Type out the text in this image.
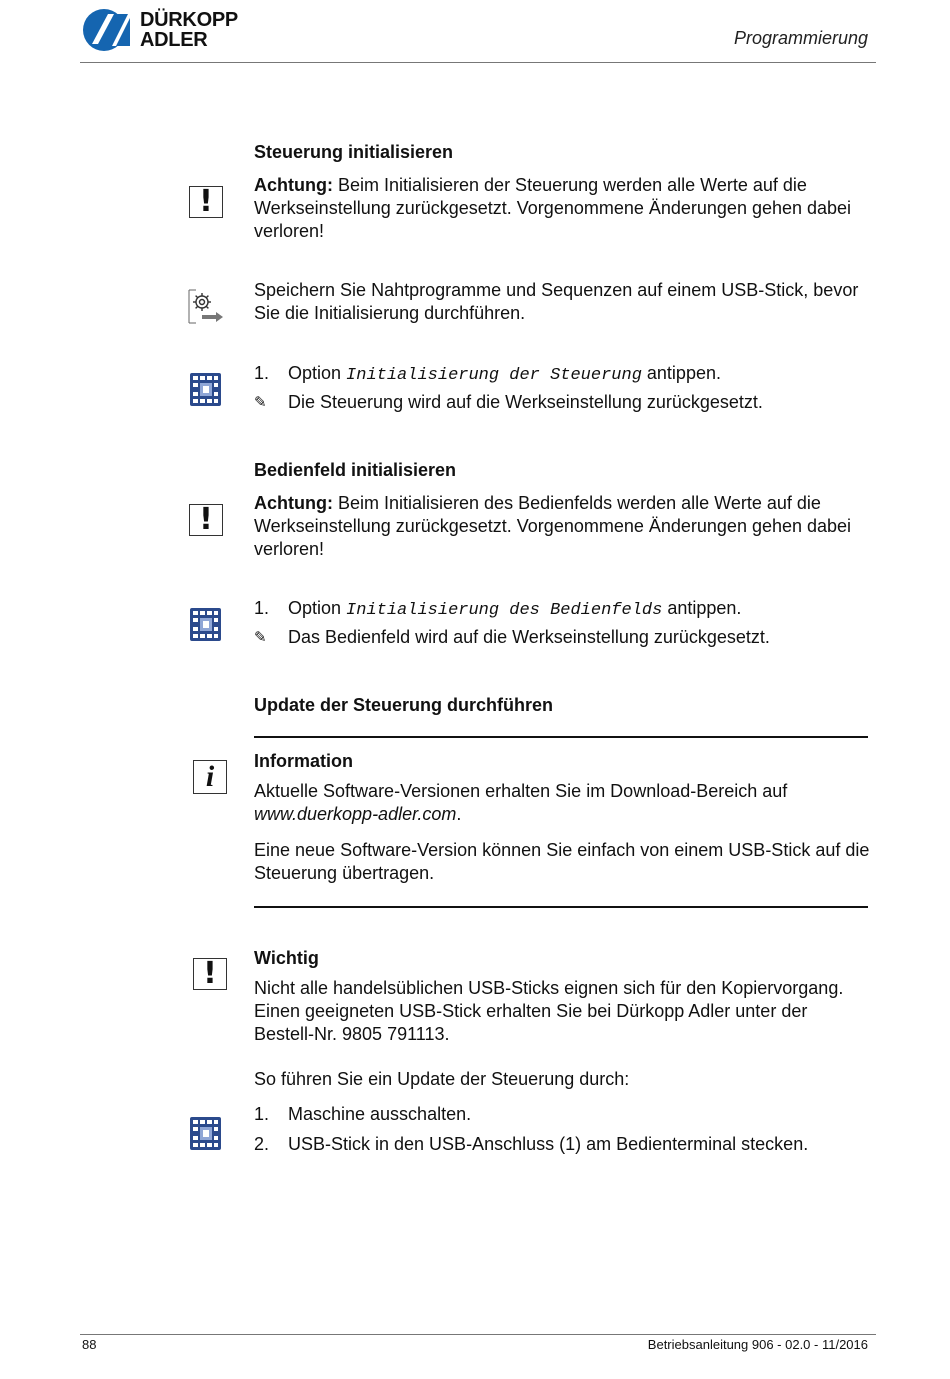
DÜRKOPP
ADLER	Programmierung
Steuerung initialisieren
!	Achtung: Beim Initialisieren der Steuerung werden alle Werte auf die Werkseinstellung zurückgesetzt. Vorgenommene Änderungen gehen dabei verloren!
Speichern Sie Nahtprogramme und Sequenzen auf einem USB-Stick, bevor Sie die Initialisierung durchführen.
1. Option Initialisierung der Steuerung antippen.
✎ Die Steuerung wird auf die Werkseinstellung zurückgesetzt.
Bedienfeld initialisieren
!	Achtung: Beim Initialisieren des Bedienfelds werden alle Werte auf die Werkseinstellung zurückgesetzt. Vorgenommene Änderungen gehen dabei verloren!
1. Option Initialisierung des Bedienfelds antippen.
✎ Das Bedienfeld wird auf die Werkseinstellung zurückgesetzt.
Update der Steuerung durchführen
i	Information
Aktuelle Software-Versionen erhalten Sie im Download-Bereich auf
www.duerkopp-adler.com.
Eine neue Software-Version können Sie einfach von einem USB-Stick auf die Steuerung übertragen.
!	Wichtig
Nicht alle handelsüblichen USB-Sticks eignen sich für den Kopiervorgang. Einen geeigneten USB-Stick erhalten Sie bei Dürkopp Adler unter der Bestell-Nr. 9805 791113.
So führen Sie ein Update der Steuerung durch:
1. Maschine ausschalten.
2. USB-Stick in den USB-Anschluss (1) am Bedienterminal stecken.
88	Betriebsanleitung 906 - 02.0 - 11/2016
